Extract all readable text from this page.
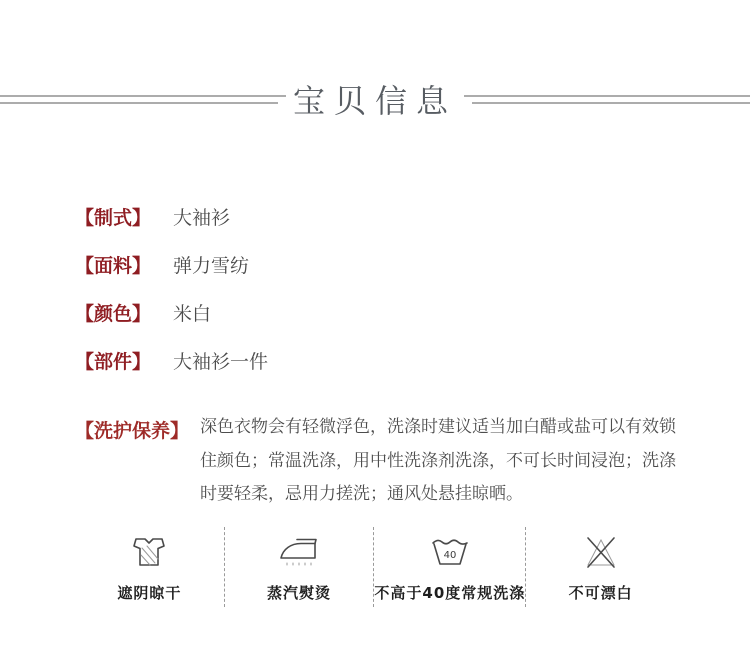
宝贝信息
【制式】 大袖衫
【面料】 弹力雪纺
【颜色】 米白
【部件】 大袖衫一件
【洗护保养】 深色衣物会有轻微浮色，洗涤时建议适当加白醋或盐可以有效锁
住颜色；常温洗涤，用中性洗涤剂洗涤，不可长时间浸泡；洗涤
时要轻柔，忌用力搓洗；通风处悬挂晾晒。
遮阴晾干	蒸汽熨烫
40
不高于40度常规洗涤	不可漂白
